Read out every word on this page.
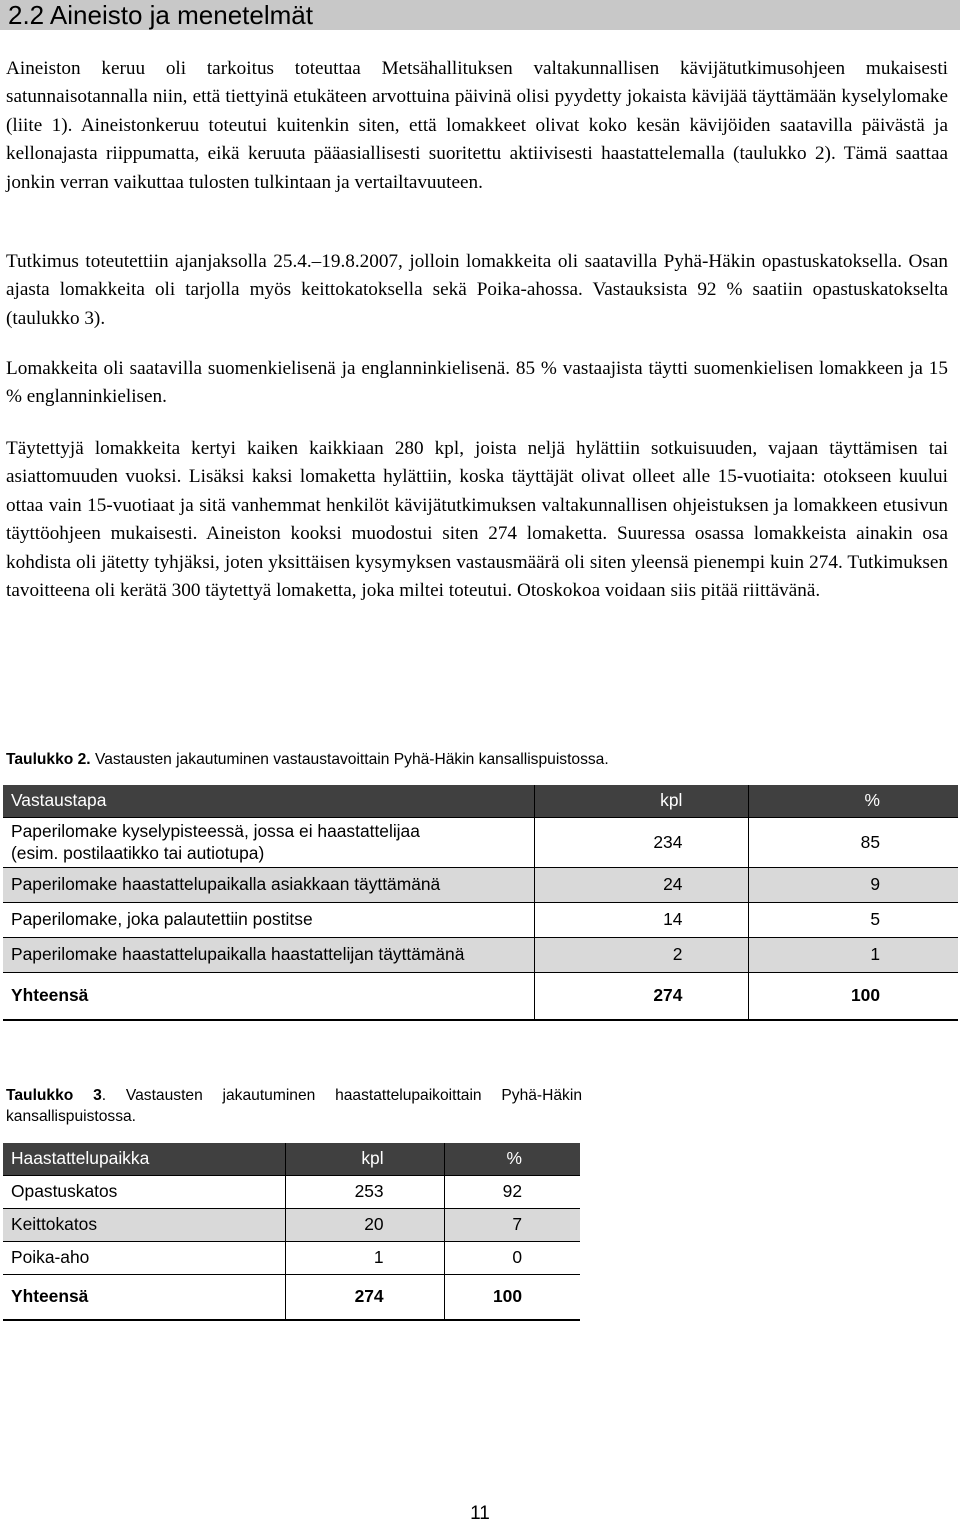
2.2 Aineisto ja menetelmät

Aineiston keruu oli tarkoitus toteuttaa Metsähallituksen valtakunnallisen kävijätutkimusohjeen mukaisesti satunnaisotannalla niin, että tiettyinä etukäteen arvottuina päivinä olisi pyydetty jokaista kävijää täyttämään kyselylomake (liite 1). Aineistonkeruu toteutui kuitenkin siten, että lomakkeet olivat koko kesän kävijöiden saatavilla päivästä ja kellonajasta riippumatta, eikä keruuta pääasiallisesti suoritettu aktiivisesti haastattelemalla (taulukko 2). Tämä saattaa jonkin verran vaikuttaa tulosten tulkintaan ja vertailtavuuteen.

Tutkimus toteutettiin ajanjaksolla 25.4.–19.8.2007, jolloin lomakkeita oli saatavilla Pyhä-Häkin opastuskatoksella. Osan ajasta lomakkeita oli tarjolla myös keittokatoksella sekä Poika-ahossa. Vastauksista 92 % saatiin opastuskatokselta (taulukko 3).

Lomakkeita oli saatavilla suomenkielisenä ja englanninkielisenä. 85 % vastaajista täytti suomenkielisen lomakkeen ja 15 % englanninkielisen.

Täytettyjä lomakkeita kertyi kaiken kaikkiaan 280 kpl, joista neljä hylättiin sotkuisuuden, vajaan täyttämisen tai asiattomuuden vuoksi. Lisäksi kaksi lomaketta hylättiin, koska täyttäjät olivat olleet alle 15-vuotiaita: otokseen kuului ottaa vain 15-vuotiaat ja sitä vanhemmat henkilöt kävijätutkimuksen valtakunnallisen ohjeistuksen ja lomakkeen etusivun täyttöohjeen mukaisesti. Aineiston kooksi muodostui siten 274 lomaketta. Suuressa osassa lomakkeista ainakin osa kohdista oli jätetty tyhjäksi, joten yksittäisen kysymyksen vastausmäärä oli siten yleensä pienempi kuin 274. Tutkimuksen tavoitteena oli kerätä 300 täytettyä lomaketta, joka miltei toteutui. Otoskokoa voidaan siis pitää riittävänä.

Taulukko 2. Vastausten jakautuminen vastaustavoittain Pyhä-Häkin kansallispuistossa.

Vastaustapa	kpl	%
Paperilomake kyselypisteessä, jossa ei haastattelijaa
(esim. postilaatikko tai autiotupa)	234	85
Paperilomake haastattelupaikalla asiakkaan täyttämänä	24	9
Paperilomake, joka palautettiin postitse	14	5
Paperilomake haastattelupaikalla haastattelijan täyttämänä	2	1
Yhteensä	274	100

Taulukko 3. Vastausten jakautuminen haastattelupaikoittain Pyhä-Häkin kansallispuistossa.

Haastattelupaikka	kpl	%
Opastuskatos	253	92
Keittokatos	20	7
Poika-aho	1	0
Yhteensä	274	100
11
